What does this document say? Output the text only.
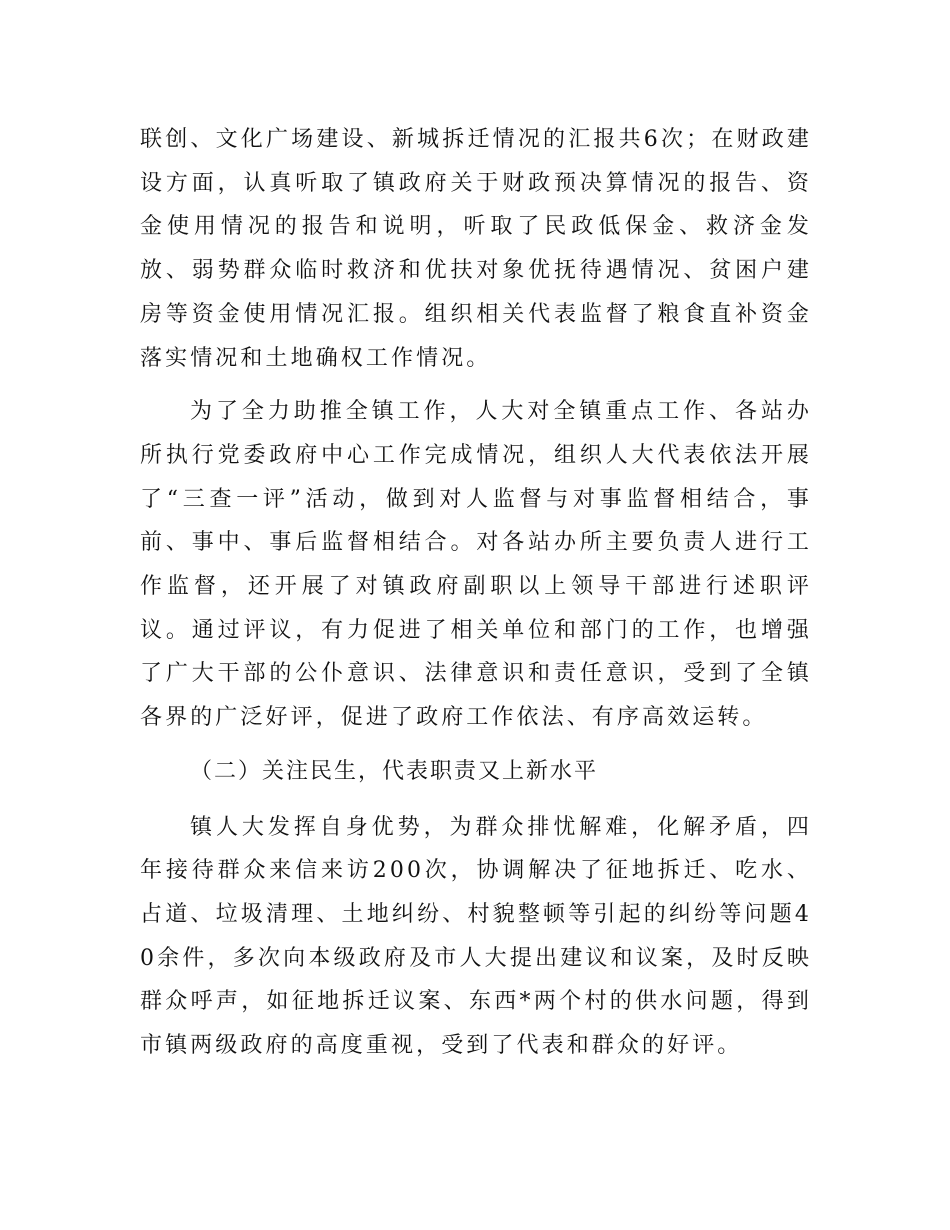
联创、文化广场建设、新城拆迁情况的汇报共6次；在财政建设方面，认真听取了镇政府关于财政预决算情况的报告、资金使用情况的报告和说明，听取了民政低保金、救济金发放、弱势群众临时救济和优扶对象优抚待遇情况、贫困户建房等资金使用情况汇报。组织相关代表监督了粮食直补资金落实情况和土地确权工作情况。

为了全力助推全镇工作，人大对全镇重点工作、各站办所执行党委政府中心工作完成情况，组织人大代表依法开展了“三查一评”活动，做到对人监督与对事监督相结合，事前、事中、事后监督相结合。对各站办所主要负责人进行工作监督，还开展了对镇政府副职以上领导干部进行述职评议。通过评议，有力促进了相关单位和部门的工作，也增强了广大干部的公仆意识、法律意识和责任意识，受到了全镇各界的广泛好评，促进了政府工作依法、有序高效运转。

（二）关注民生，代表职责又上新水平

镇人大发挥自身优势，为群众排忧解难，化解矛盾，四年接待群众来信来访200次，协调解决了征地拆迁、吃水、占道、垃圾清理、土地纠纷、村貌整顿等引起的纠纷等问题40余件，多次向本级政府及市人大提出建议和议案，及时反映群众呼声，如征地拆迁议案、东西*两个村的供水问题，得到市镇两级政府的高度重视，受到了代表和群众的好评。
